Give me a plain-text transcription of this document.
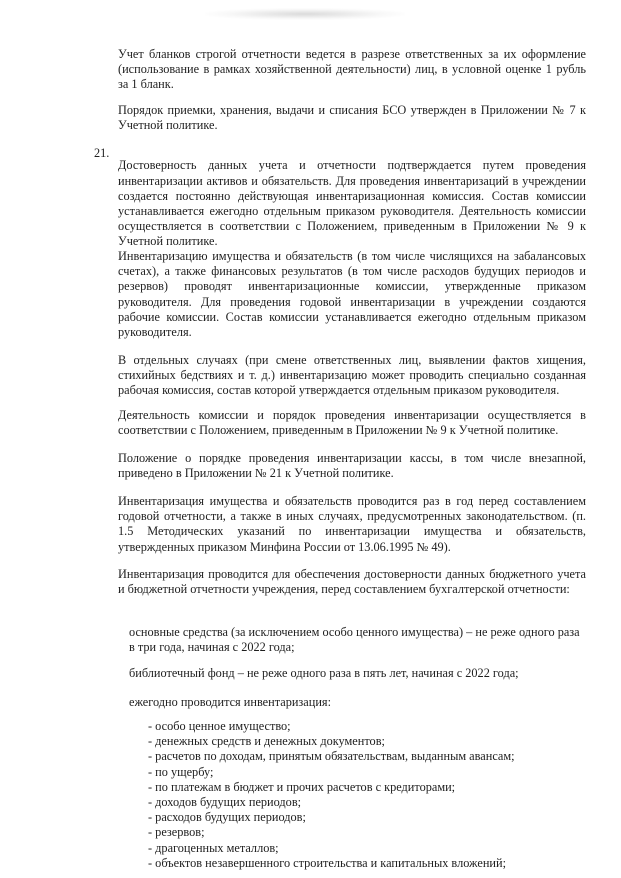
Учет бланков строгой отчетности ведется в разрезе ответственных за их оформление (использование в рамках хозяйственной деятельности) лиц, в условной оценке 1 рубль за 1 бланк.

Порядок приемки, хранения, выдачи и списания БСО утвержден в Приложении № 7 к Учетной политике.

21.

Достоверность данных учета и отчетности подтверждается путем проведения инвентаризации активов и обязательств. Для проведения инвентаризаций в учреждении создается постоянно действующая инвентаризационная комиссия. Состав комиссии устанавливается ежегодно отдельным приказом руководителя. Деятельность комиссии осуществляется в соответствии с Положением, приведенным в Приложении № 9 к Учетной политике.

Инвентаризацию имущества и обязательств (в том числе числящихся на забалансовых счетах), а также финансовых результатов (в том числе расходов будущих периодов и резервов) проводят инвентаризационные комиссии, утвержденные приказом руководителя. Для проведения годовой инвентаризации в учреждении создаются рабочие комиссии. Состав комиссии устанавливается ежегодно отдельным приказом руководителя.

В отдельных случаях (при смене ответственных лиц, выявлении фактов хищения, стихийных бедствиях и т. д.) инвентаризацию может проводить специально созданная рабочая комиссия, состав которой утверждается отдельным приказом руководителя.

Деятельность комиссии и порядок проведения инвентаризации осуществляется в соответствии с Положением, приведенным в Приложении № 9 к Учетной политике.

Положение о порядке проведения инвентаризации кассы, в том числе внезапной, приведено в Приложении № 21 к Учетной политике.

Инвентаризация имущества и обязательств проводится раз в год перед составлением годовой отчетности, а также в иных случаях, предусмотренных законодательством. (п. 1.5 Методических указаний по инвентаризации имущества и обязательств, утвержденных приказом Минфина России от 13.06.1995 № 49).

Инвентаризация проводится для обеспечения достоверности данных бюджетного учета и бюджетной отчетности учреждения, перед составлением бухгалтерской отчетности:

основные средства (за исключением особо ценного имущества) – не реже одного раза в три года, начиная с 2022 года;

библиотечный фонд – не реже одного раза в пять лет, начиная с 2022 года;

ежегодно проводится инвентаризация:

- особо ценное имущество;
- денежных средств и денежных документов;
- расчетов по доходам, принятым обязательствам, выданным авансам;
- по ущербу;
- по платежам в бюджет и прочих расчетов с кредиторами;
- доходов будущих периодов;
- расходов будущих периодов;
- резервов;
- драгоценных металлов;
- объектов незавершенного строительства и капитальных вложений;
